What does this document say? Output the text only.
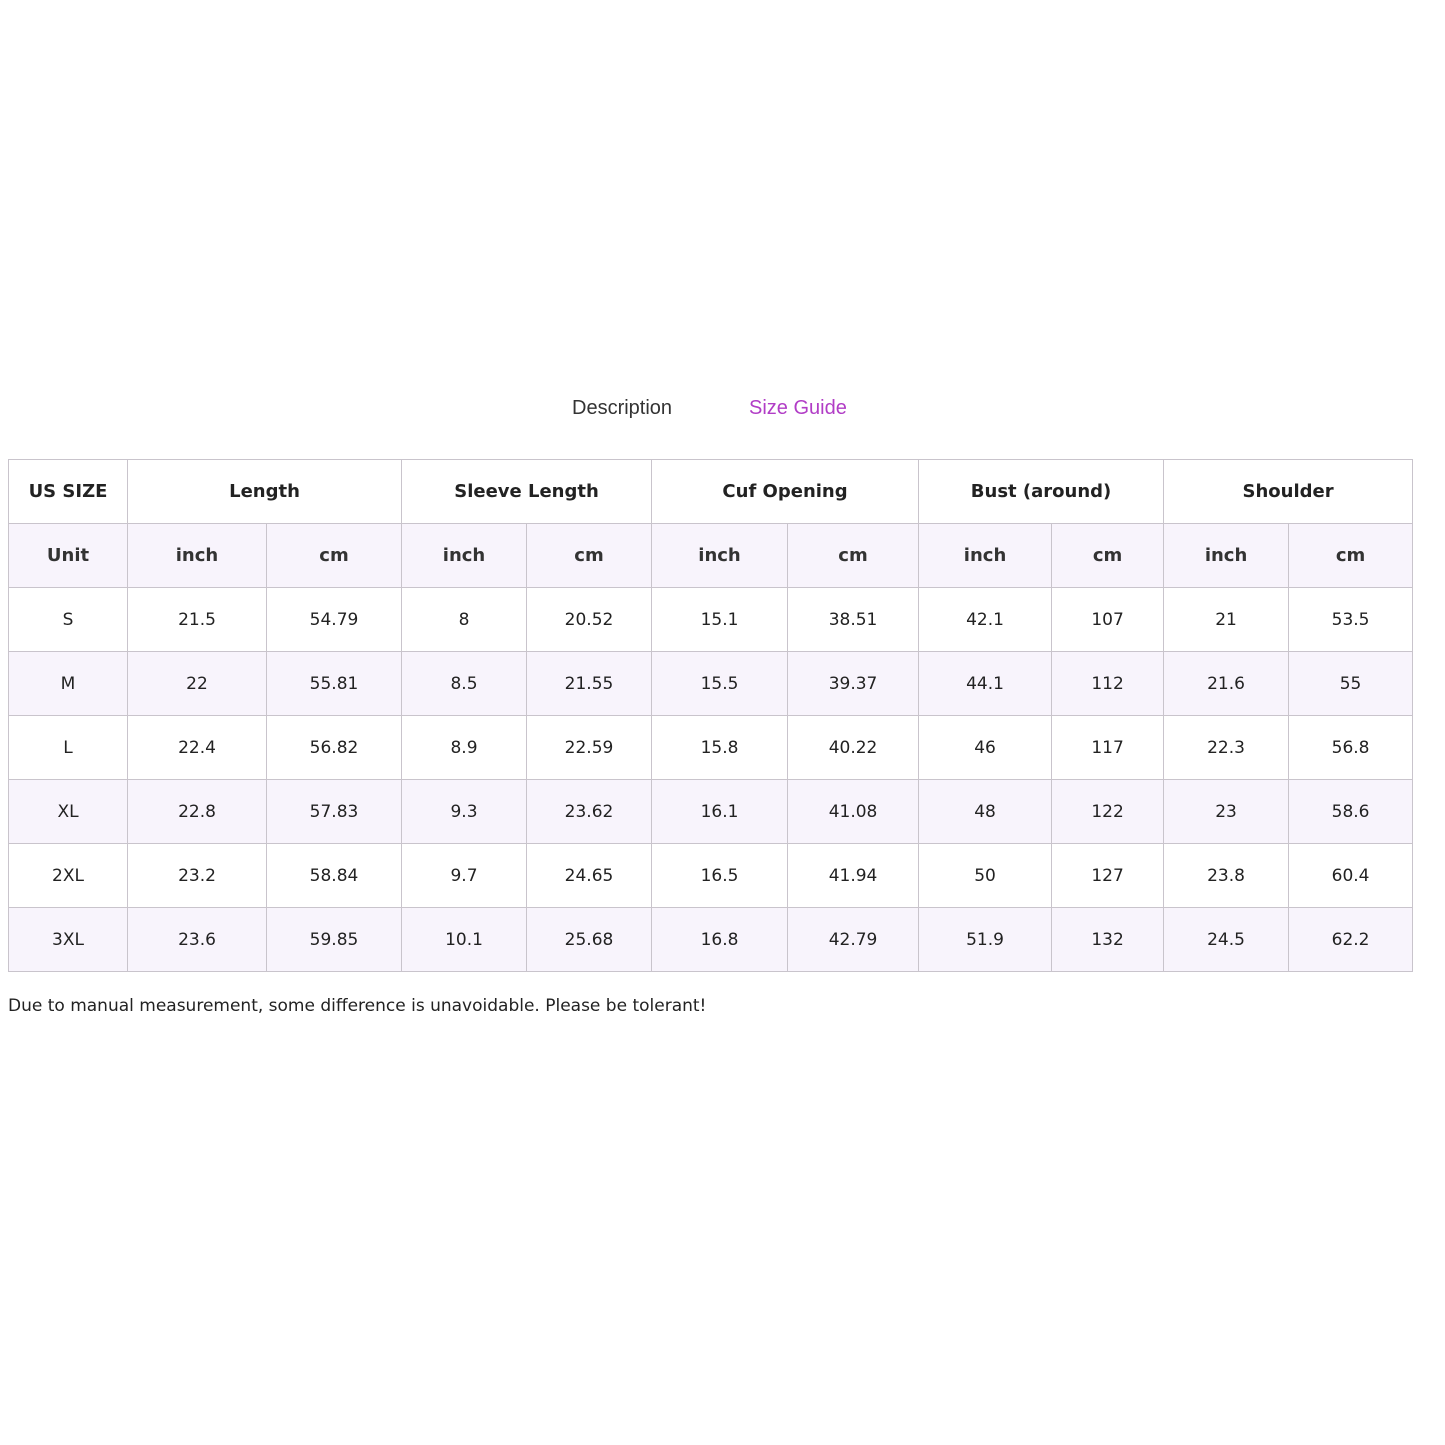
Description	Size Guide
US SIZE	Length		Sleeve Length		Cuf Opening		Bust (around)		Shoulder	
Unit	inch	cm	inch	cm	inch	cm	inch	cm	inch	cm
S	21.5	54.79	8	20.52	15.1	38.51	42.1	107	21	53.5
M	22	55.81	8.5	21.55	15.5	39.37	44.1	112	21.6	55
L	22.4	56.82	8.9	22.59	15.8	40.22	46	117	22.3	56.8
XL	22.8	57.83	9.3	23.62	16.1	41.08	48	122	23	58.6
2XL	23.2	58.84	9.7	24.65	16.5	41.94	50	127	23.8	60.4
3XL	23.6	59.85	10.1	25.68	16.8	42.79	51.9	132	24.5	62.2
Due to manual measurement, some difference is unavoidable. Please be tolerant!
